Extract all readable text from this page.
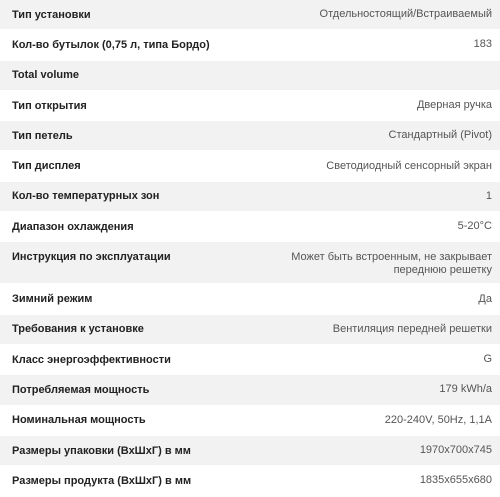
Тип установки	Отдельностоящий/Встраиваемый
Кол-во бутылок (0,75 л, типа Бордо)	183
Total volume
Тип открытия	Дверная ручка
Тип петель	Стандартный (Pivot)
Тип дисплея	Светодиодный сенсорный экран
Кол-во температурных зон	1
Диапазон охлаждения	5-20°C
Инструкция по эксплуатации	Может быть встроенным, не закрывает
переднюю решетку
Зимний режим	Да
Требования к установке	Вентиляция передней решетки
Класс энергоэффективности	G
Потребляемая мощность	179 kWh/a
Номинальная мощность	220-240V, 50Hz, 1,1A
Размеры упаковки (ВхШхГ) в мм	1970x700x745
Размеры продукта (ВхШхГ) в мм	1835x655x680
